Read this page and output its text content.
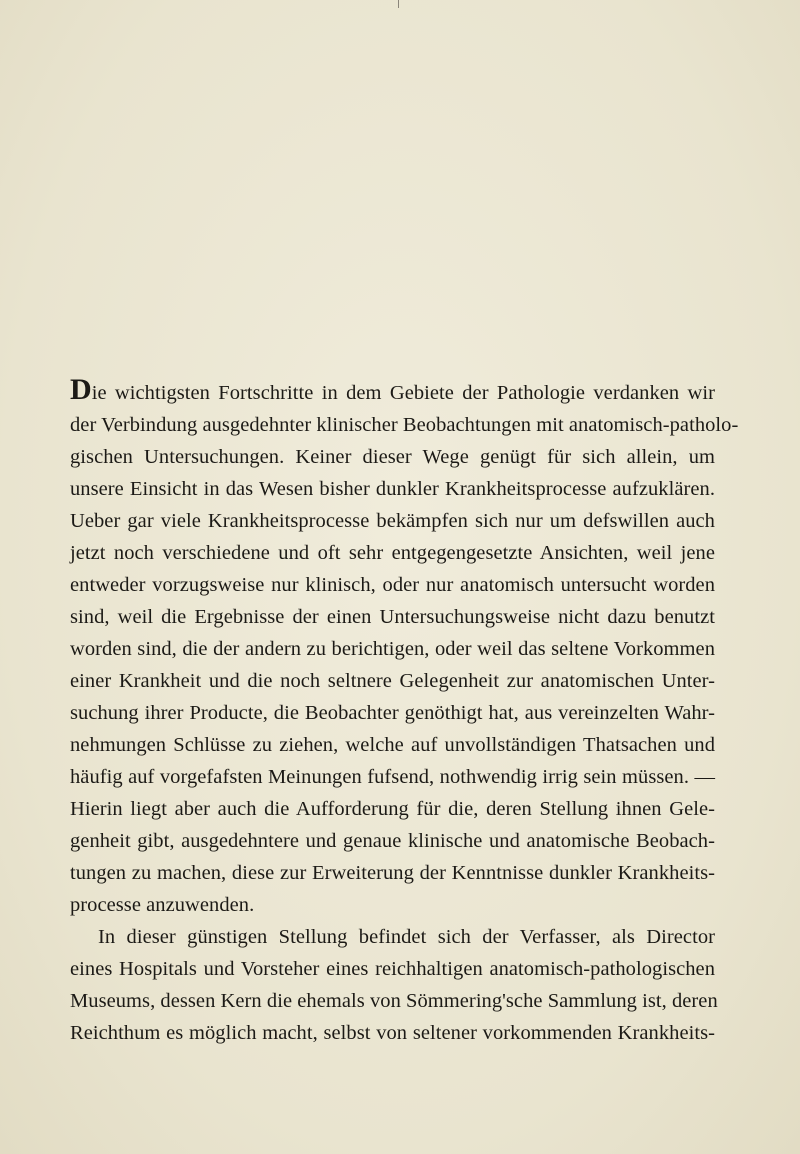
Die wichtigsten Fortschritte in dem Gebiete der Pathologie verdanken wir
der Verbindung ausgedehnter klinischer Beobachtungen mit anatomisch-patholo-
gischen Untersuchungen. Keiner dieser Wege genügt für sich allein, um
unsere Einsicht in das Wesen bisher dunkler Krankheitsprocesse aufzuklären.
Ueber gar viele Krankheitsprocesse bekämpfen sich nur um defswillen auch
jetzt noch verschiedene und oft sehr entgegengesetzte Ansichten, weil jene
entweder vorzugsweise nur klinisch, oder nur anatomisch untersucht worden
sind, weil die Ergebnisse der einen Untersuchungsweise nicht dazu benutzt
worden sind, die der andern zu berichtigen, oder weil das seltene Vorkommen
einer Krankheit und die noch seltnere Gelegenheit zur anatomischen Unter-
suchung ihrer Producte, die Beobachter genöthigt hat, aus vereinzelten Wahr-
nehmungen Schlüsse zu ziehen, welche auf unvollständigen Thatsachen und
häufig auf vorgefafsten Meinungen fufsend, nothwendig irrig sein müssen. —
Hierin liegt aber auch die Aufforderung für die, deren Stellung ihnen Gele-
genheit gibt, ausgedehntere und genaue klinische und anatomische Beobach-
tungen zu machen, diese zur Erweiterung der Kenntnisse dunkler Krankheits-
processe anzuwenden.
In dieser günstigen Stellung befindet sich der Verfasser, als Director
eines Hospitals und Vorsteher eines reichhaltigen anatomisch-pathologischen
Museums, dessen Kern die ehemals von Sömmering'sche Sammlung ist, deren
Reichthum es möglich macht, selbst von seltener vorkommenden Krankheits-
